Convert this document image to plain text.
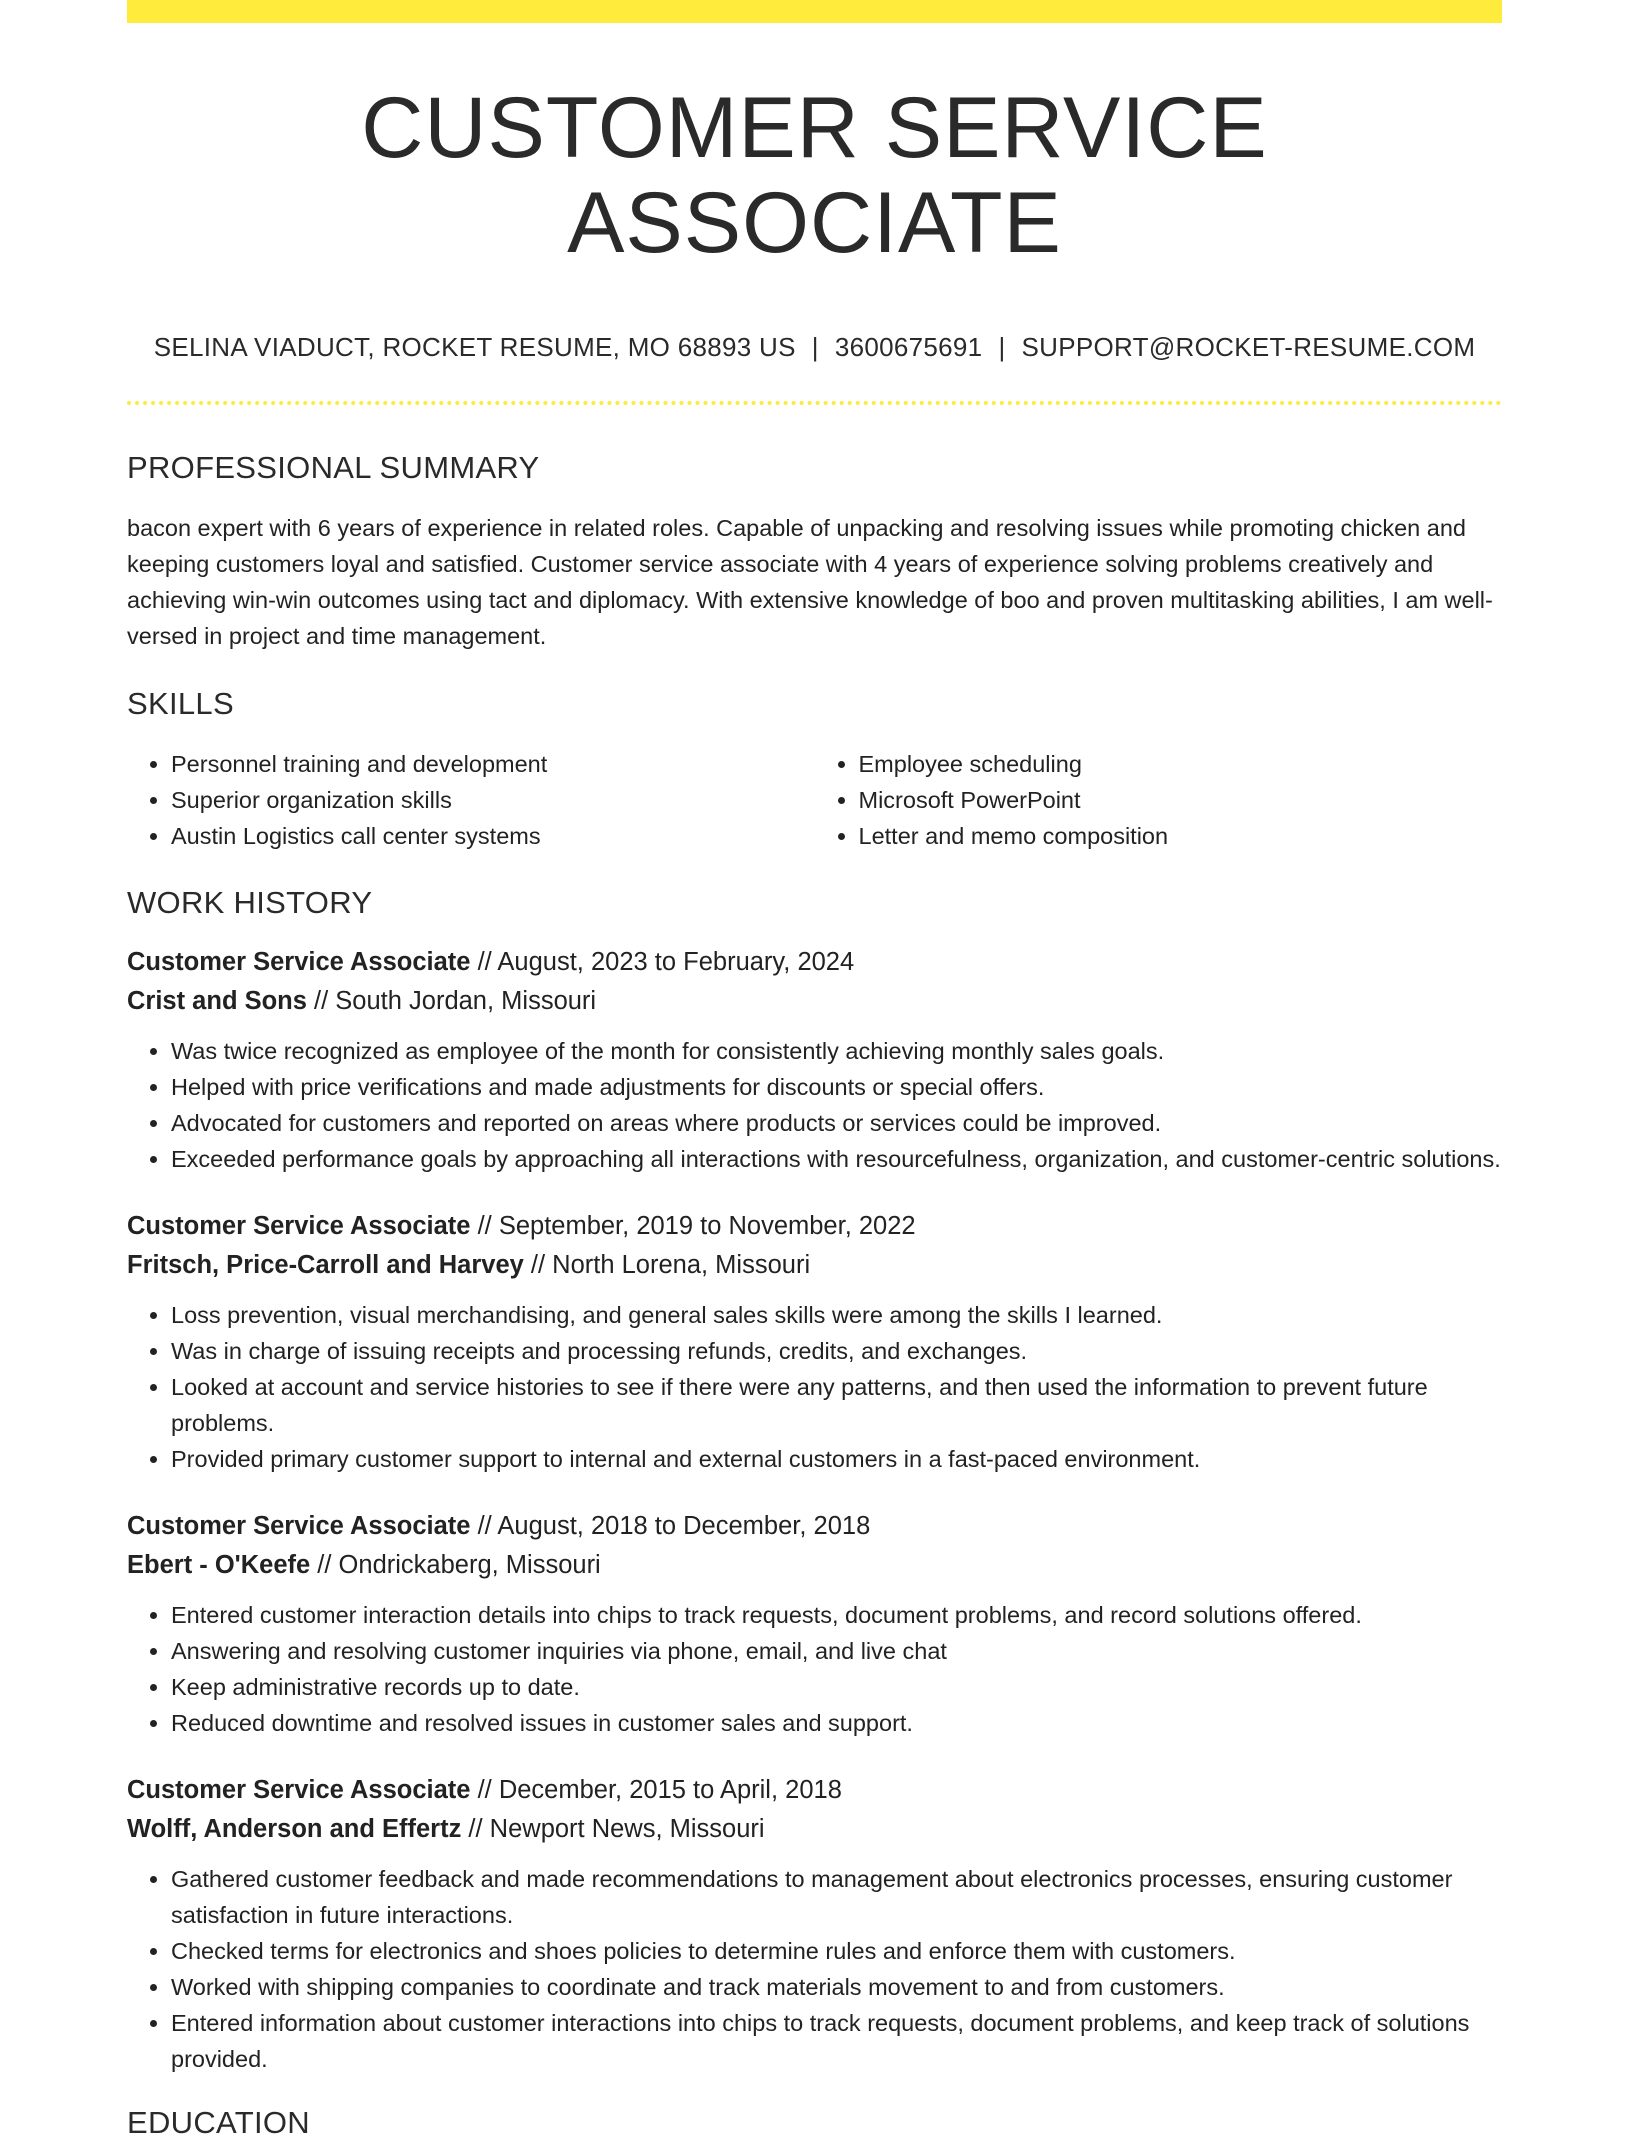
CUSTOMER SERVICE ASSOCIATE
SELINA VIADUCT, ROCKET RESUME, MO 68893 US | 3600675691 | SUPPORT@ROCKET-RESUME.COM
PROFESSIONAL SUMMARY
bacon expert with 6 years of experience in related roles. Capable of unpacking and resolving issues while promoting chicken and keeping customers loyal and satisfied. Customer service associate with 4 years of experience solving problems creatively and achieving win-win outcomes using tact and diplomacy. With extensive knowledge of boo and proven multitasking abilities, I am well-versed in project and time management.
SKILLS
• Personnel training and development
• Superior organization skills
• Austin Logistics call center systems
• Employee scheduling
• Microsoft PowerPoint
• Letter and memo composition
WORK HISTORY
Customer Service Associate // August, 2023 to February, 2024
Crist and Sons // South Jordan, Missouri
• Was twice recognized as employee of the month for consistently achieving monthly sales goals.
• Helped with price verifications and made adjustments for discounts or special offers.
• Advocated for customers and reported on areas where products or services could be improved.
• Exceeded performance goals by approaching all interactions with resourcefulness, organization, and customer-centric solutions.
Customer Service Associate // September, 2019 to November, 2022
Fritsch, Price-Carroll and Harvey // North Lorena, Missouri
• Loss prevention, visual merchandising, and general sales skills were among the skills I learned.
• Was in charge of issuing receipts and processing refunds, credits, and exchanges.
• Looked at account and service histories to see if there were any patterns, and then used the information to prevent future problems.
• Provided primary customer support to internal and external customers in a fast-paced environment.
Customer Service Associate // August, 2018 to December, 2018
Ebert - O'Keefe // Ondrickaberg, Missouri
• Entered customer interaction details into chips to track requests, document problems, and record solutions offered.
• Answering and resolving customer inquiries via phone, email, and live chat
• Keep administrative records up to date.
• Reduced downtime and resolved issues in customer sales and support.
Customer Service Associate // December, 2015 to April, 2018
Wolff, Anderson and Effertz // Newport News, Missouri
• Gathered customer feedback and made recommendations to management about electronics processes, ensuring customer satisfaction in future interactions.
• Checked terms for electronics and shoes policies to determine rules and enforce them with customers.
• Worked with shipping companies to coordinate and track materials movement to and from customers.
• Entered information about customer interactions into chips to track requests, document problems, and keep track of solutions provided.
EDUCATION
